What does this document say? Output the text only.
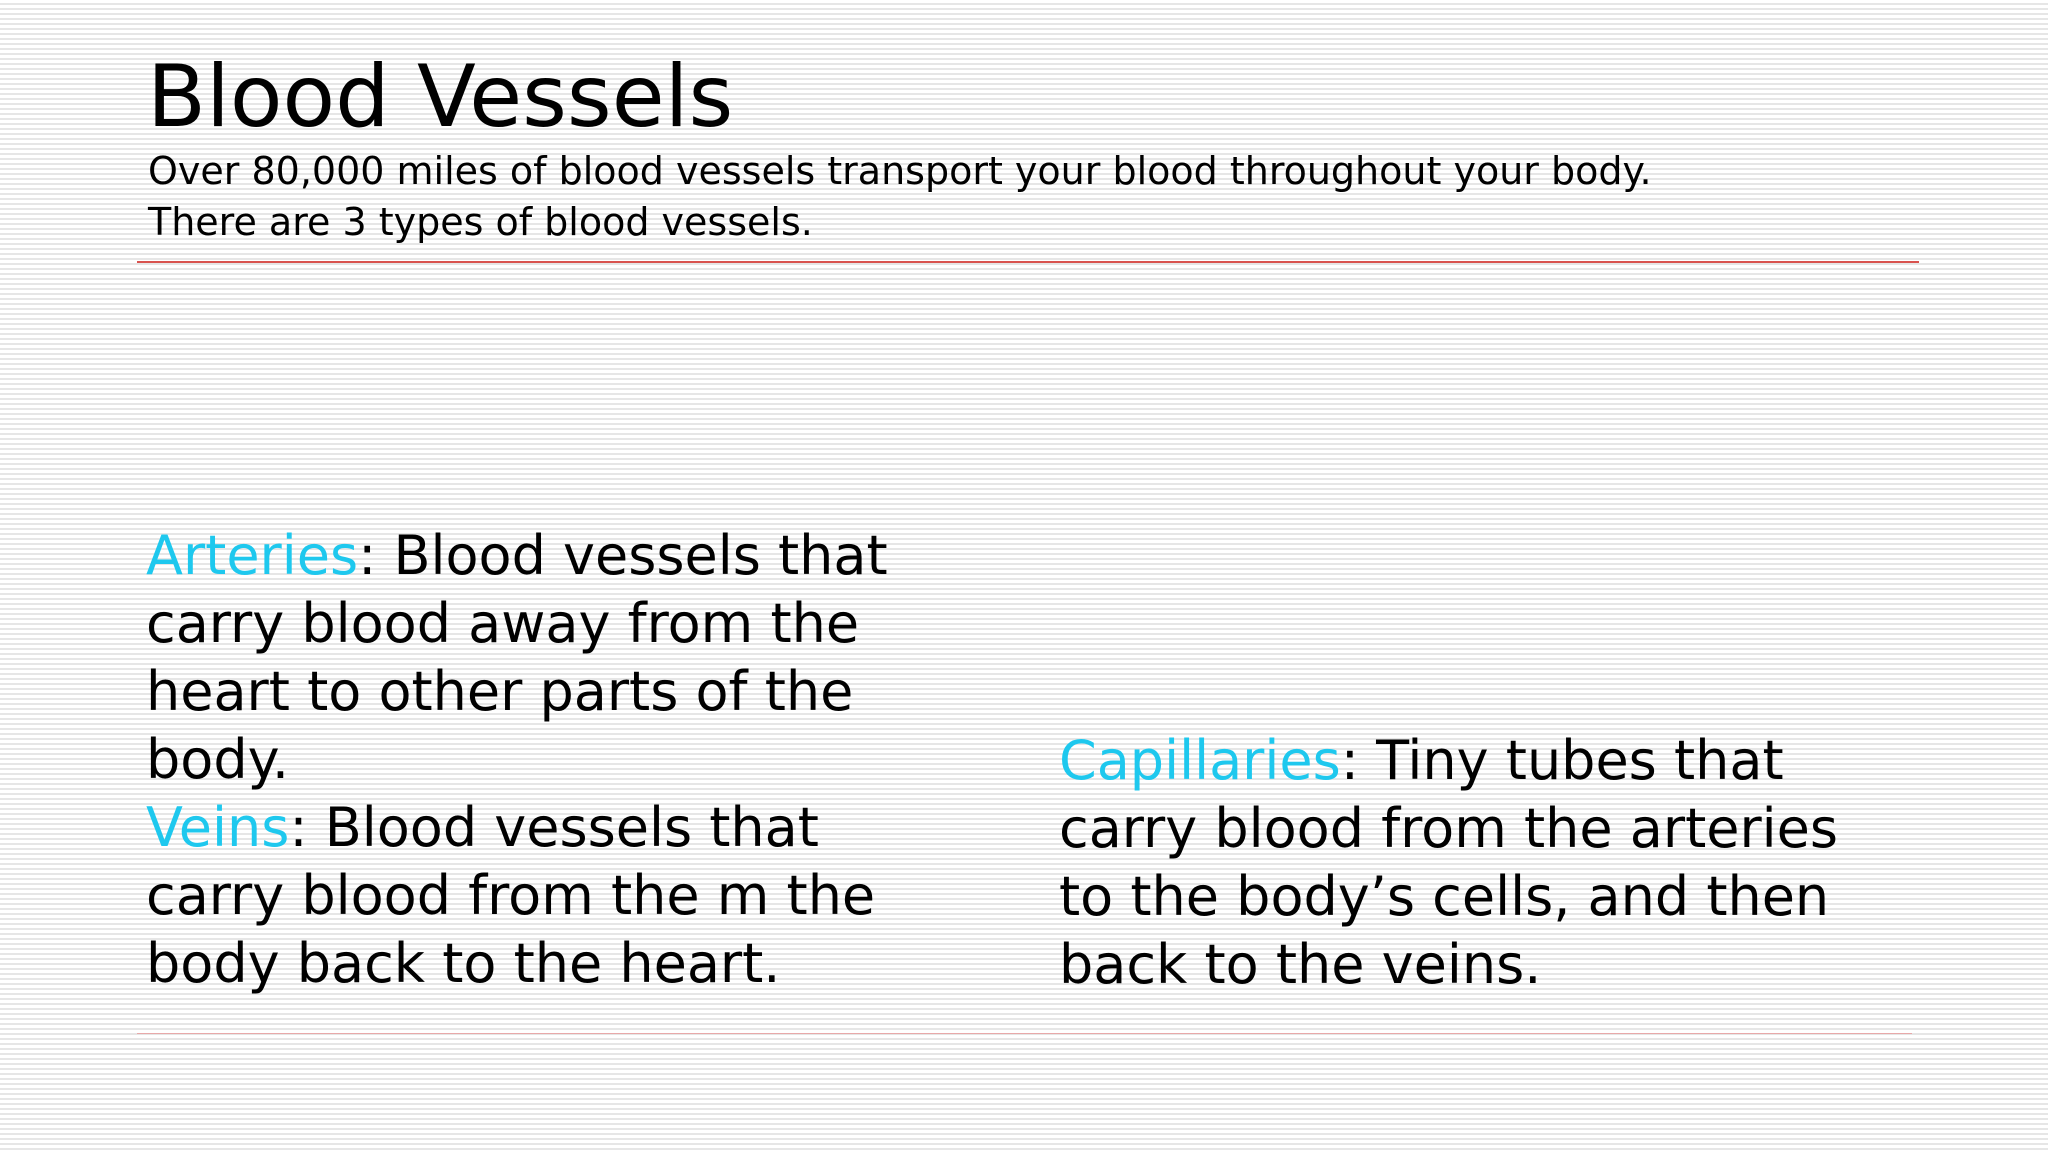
Blood Vessels
Over 80,000 miles of blood vessels transport your blood throughout your body.
There are 3 types of blood vessels.
Arteries: Blood vessels that
carry blood away from the
heart to other parts of the
body.
Veins: Blood vessels that
carry blood from the m the
body back to the heart.
Capillaries: Tiny tubes that
carry blood from the arteries
to the body’s cells, and then
back to the veins.
